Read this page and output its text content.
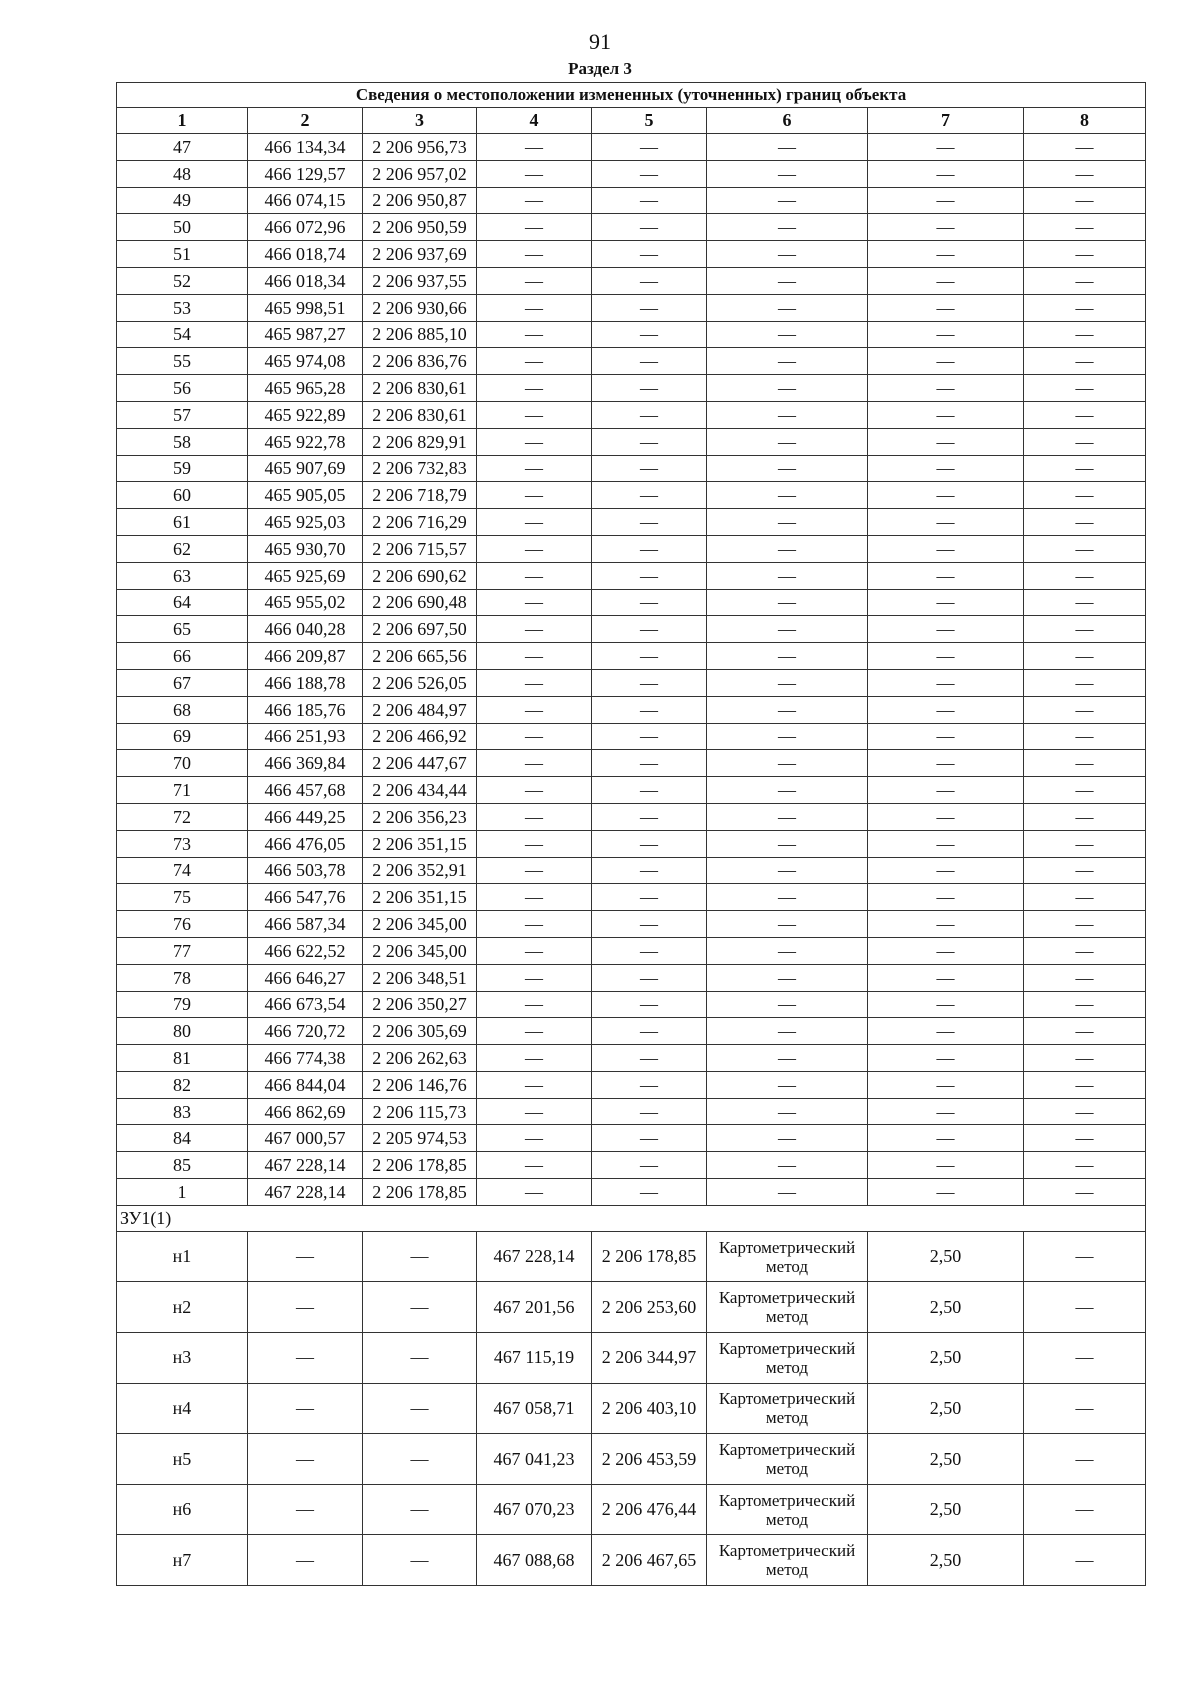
91
Раздел 3
Сведения о местоположении измененных (уточненных) границ объекта							
1	2	3	4	5	6	7	8
47	466 134,34	2 206 956,73	—	—	—	—	—
48	466 129,57	2 206 957,02	—	—	—	—	—
49	466 074,15	2 206 950,87	—	—	—	—	—
50	466 072,96	2 206 950,59	—	—	—	—	—
51	466 018,74	2 206 937,69	—	—	—	—	—
52	466 018,34	2 206 937,55	—	—	—	—	—
53	465 998,51	2 206 930,66	—	—	—	—	—
54	465 987,27	2 206 885,10	—	—	—	—	—
55	465 974,08	2 206 836,76	—	—	—	—	—
56	465 965,28	2 206 830,61	—	—	—	—	—
57	465 922,89	2 206 830,61	—	—	—	—	—
58	465 922,78	2 206 829,91	—	—	—	—	—
59	465 907,69	2 206 732,83	—	—	—	—	—
60	465 905,05	2 206 718,79	—	—	—	—	—
61	465 925,03	2 206 716,29	—	—	—	—	—
62	465 930,70	2 206 715,57	—	—	—	—	—
63	465 925,69	2 206 690,62	—	—	—	—	—
64	465 955,02	2 206 690,48	—	—	—	—	—
65	466 040,28	2 206 697,50	—	—	—	—	—
66	466 209,87	2 206 665,56	—	—	—	—	—
67	466 188,78	2 206 526,05	—	—	—	—	—
68	466 185,76	2 206 484,97	—	—	—	—	—
69	466 251,93	2 206 466,92	—	—	—	—	—
70	466 369,84	2 206 447,67	—	—	—	—	—
71	466 457,68	2 206 434,44	—	—	—	—	—
72	466 449,25	2 206 356,23	—	—	—	—	—
73	466 476,05	2 206 351,15	—	—	—	—	—
74	466 503,78	2 206 352,91	—	—	—	—	—
75	466 547,76	2 206 351,15	—	—	—	—	—
76	466 587,34	2 206 345,00	—	—	—	—	—
77	466 622,52	2 206 345,00	—	—	—	—	—
78	466 646,27	2 206 348,51	—	—	—	—	—
79	466 673,54	2 206 350,27	—	—	—	—	—
80	466 720,72	2 206 305,69	—	—	—	—	—
81	466 774,38	2 206 262,63	—	—	—	—	—
82	466 844,04	2 206 146,76	—	—	—	—	—
83	466 862,69	2 206 115,73	—	—	—	—	—
84	467 000,57	2 205 974,53	—	—	—	—	—
85	467 228,14	2 206 178,85	—	—	—	—	—
1	467 228,14	2 206 178,85	—	—	—	—	—
ЗУ1(1)							
н1	—	—	467 228,14	2 206 178,85	Картометрический метод	2,50	—
н2	—	—	467 201,56	2 206 253,60	Картометрический метод	2,50	—
н3	—	—	467 115,19	2 206 344,97	Картометрический метод	2,50	—
н4	—	—	467 058,71	2 206 403,10	Картометрический метод	2,50	—
н5	—	—	467 041,23	2 206 453,59	Картометрический метод	2,50	—
н6	—	—	467 070,23	2 206 476,44	Картометрический метод	2,50	—
н7	—	—	467 088,68	2 206 467,65	Картометрический метод	2,50	—
